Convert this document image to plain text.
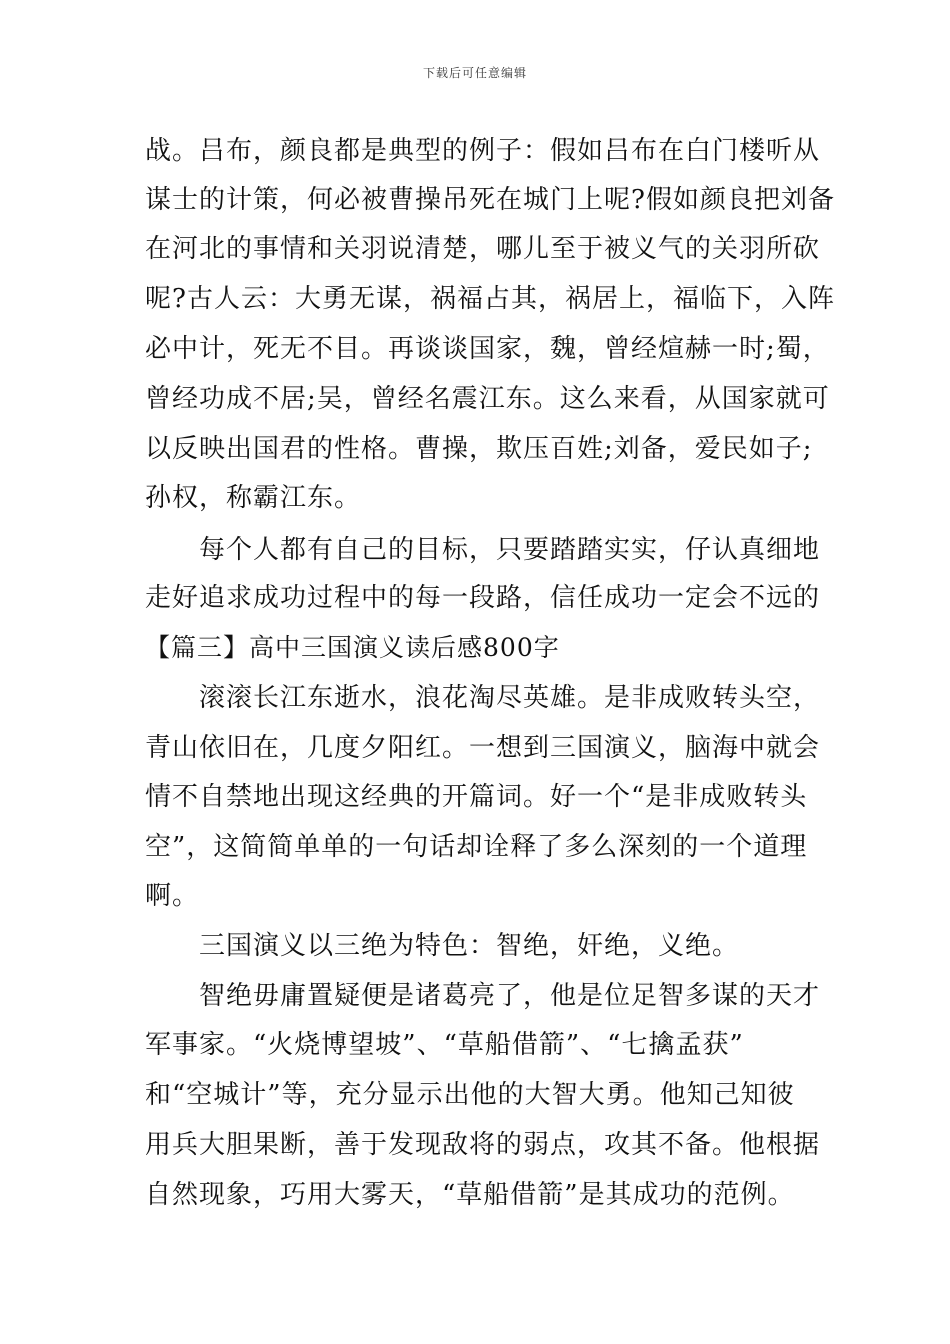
下载后可任意编辑
战。吕布，颜良都是典型的例子：假如吕布在白门楼听从
谋士的计策，何必被曹操吊死在城门上呢?假如颜良把刘备
在河北的事情和关羽说清楚，哪儿至于被义气的关羽所砍
呢?古人云：大勇无谋，祸福占其，祸居上，福临下，入阵
必中计，死无不目。再谈谈国家，魏，曾经煊赫一时;蜀，
曾经功成不居;吴，曾经名震江东。这么来看，从国家就可
以反映出国君的性格。曹操，欺压百姓;刘备，爱民如子;
孙权，称霸江东。
　　每个人都有自己的目标，只要踏踏实实，仔认真细地
走好追求成功过程中的每一段路，信任成功一定会不远的
【篇三】高中三国演义读后感800字
　　滚滚长江东逝水，浪花淘尽英雄。是非成败转头空，
青山依旧在，几度夕阳红。一想到三国演义，脑海中就会
情不自禁地出现这经典的开篇词。好一个“是非成败转头
空”，这简简单单的一句话却诠释了多么深刻的一个道理
啊。
　　三国演义以三绝为特色：智绝，奸绝，义绝。
　　智绝毋庸置疑便是诸葛亮了，他是位足智多谋的天才
军事家。“火烧博望坡”、“草船借箭”、“七擒孟获”
和“空城计”等，充分显示出他的大智大勇。他知己知彼
用兵大胆果断，善于发现敌将的弱点，攻其不备。他根据
自然现象，巧用大雾天，“草船借箭”是其成功的范例。
